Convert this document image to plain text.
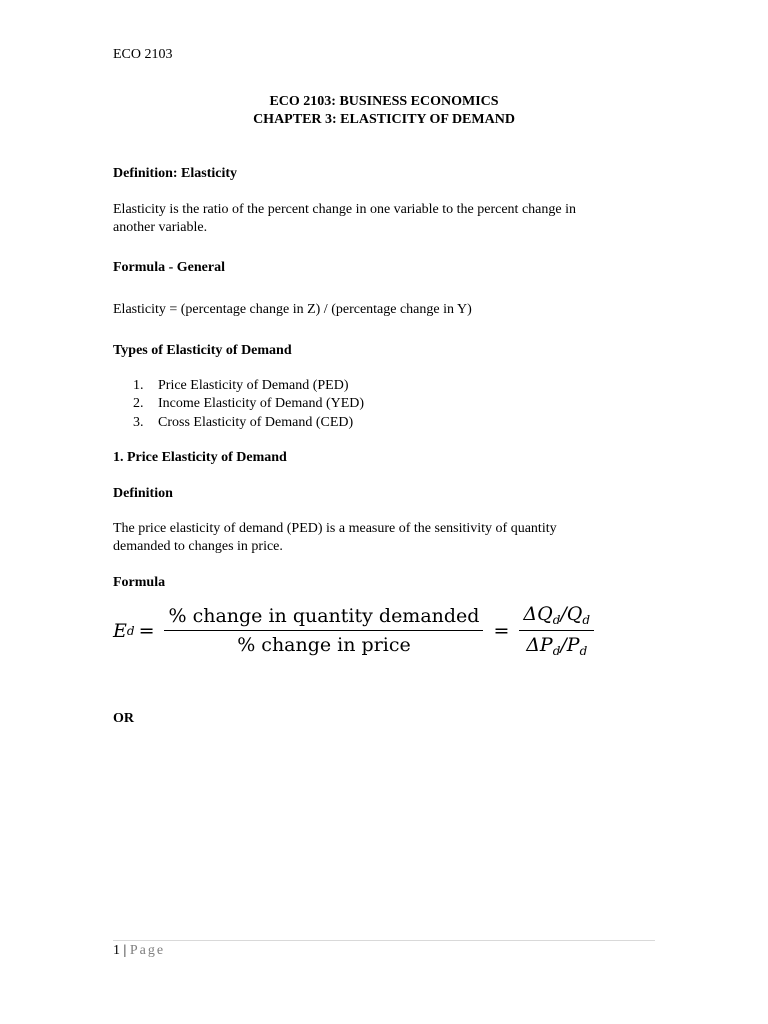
ECO 2103
ECO 2103: BUSINESS ECONOMICS
CHAPTER 3: ELASTICITY OF DEMAND
Definition: Elasticity
Elasticity is the ratio of the percent change in one variable to the percent change in
another variable.
Formula - General
Elasticity = (percentage change in Z) / (percentage change in Y)
Types of Elasticity of Demand
1.	Price Elasticity of Demand (PED)
2.	Income Elasticity of Demand (YED)
3.	Cross Elasticity of Demand (CED)
1. Price Elasticity of Demand
Definition
The price elasticity of demand (PED) is a measure of the sensitivity of quantity
demanded to changes in price.
Formula
E $d = \frac{\text{\% change in quantity demanded}}{\text{\% change in price}} = \frac{\Delta Q_d/Q_d}{\Delta P_d/P_d}$
OR
1 | Page
